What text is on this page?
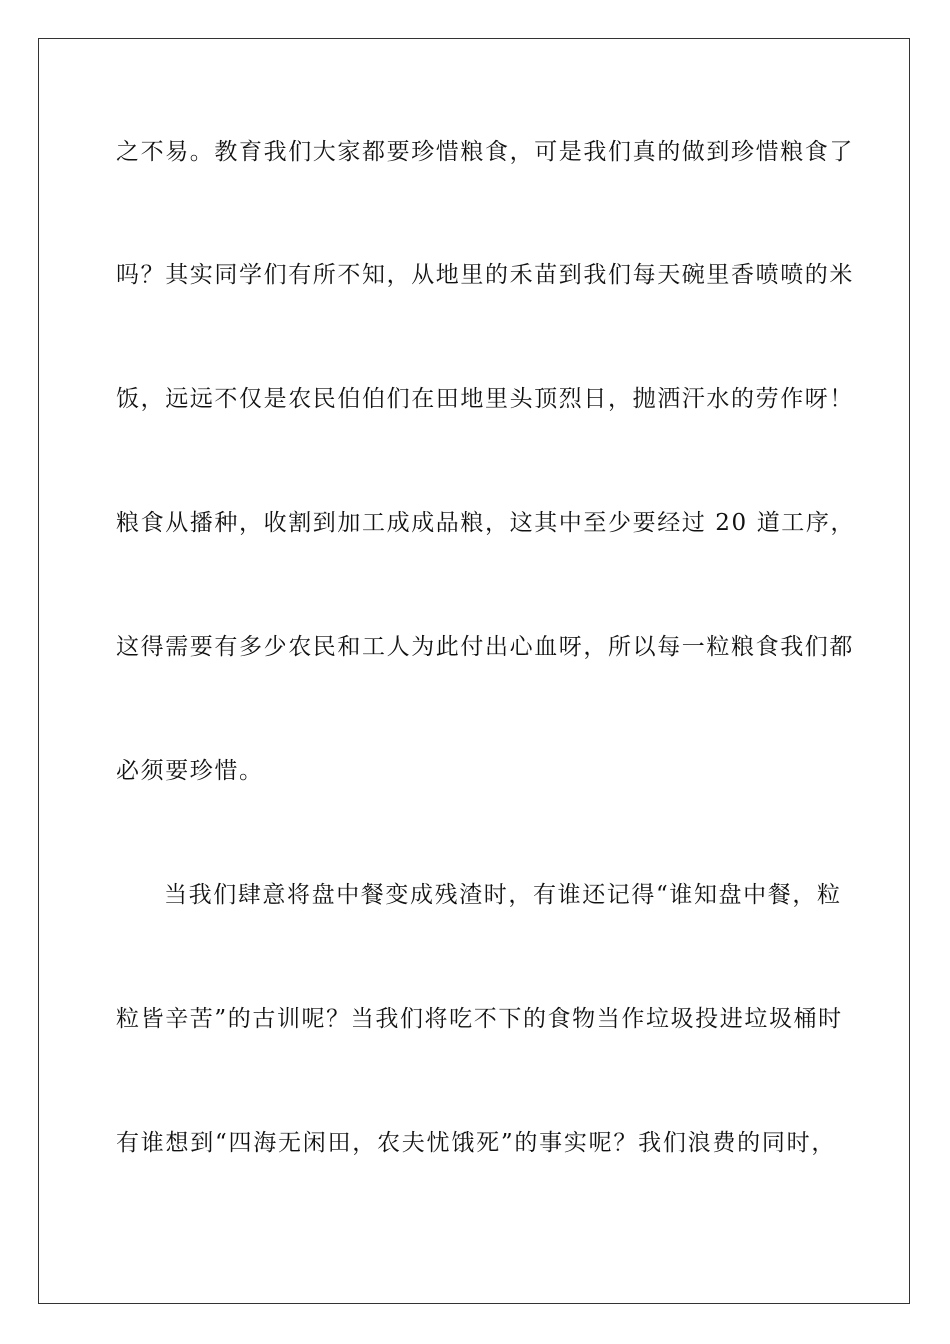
之不易。教育我们大家都要珍惜粮食，可是我们真的做到珍惜粮食了
吗？其实同学们有所不知，从地里的禾苗到我们每天碗里香喷喷的米
饭，远远不仅是农民伯伯们在田地里头顶烈日，抛洒汗水的劳作呀！
粮食从播种，收割到加工成成品粮，这其中至少要经过 20 道工序，
这得需要有多少农民和工人为此付出心血呀，所以每一粒粮食我们都
必须要珍惜。
当我们肆意将盘中餐变成残渣时，有谁还记得“谁知盘中餐，粒
粒皆辛苦”的古训呢？当我们将吃不下的食物当作垃圾投进垃圾桶时
有谁想到“四海无闲田，农夫忧饿死”的事实呢？我们浪费的同时，
